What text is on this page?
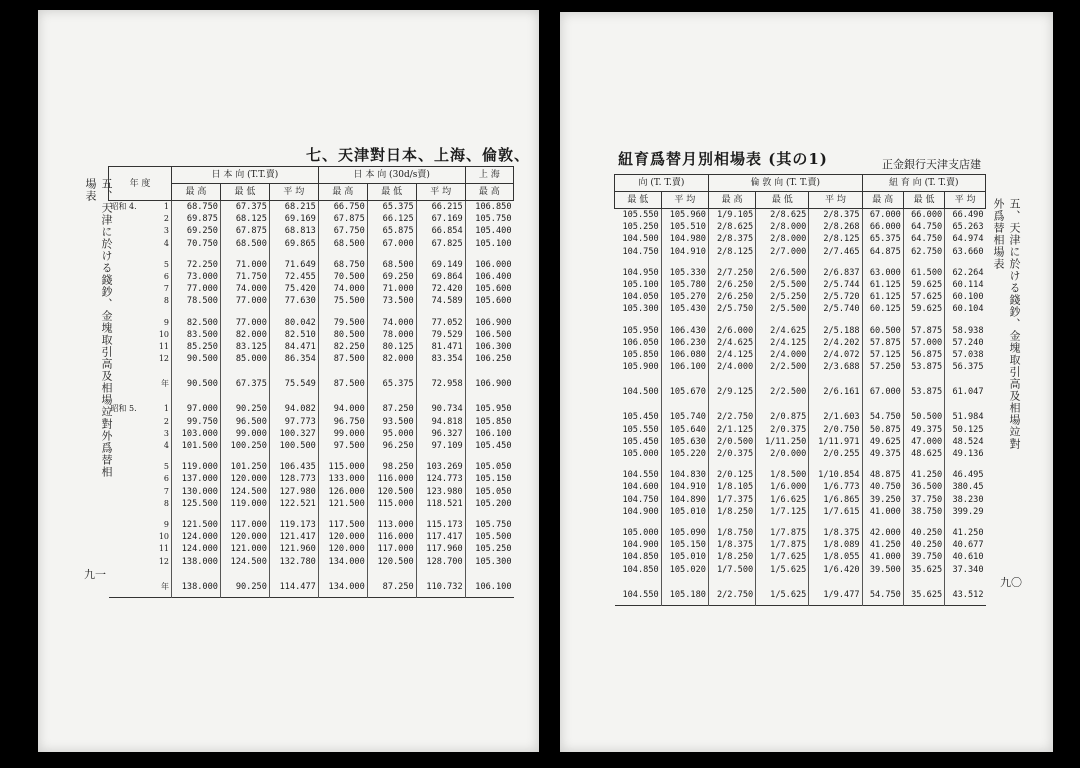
七、天津對日本、上海、倫敦、
五、天津に於ける錢鈔、金塊取引高及相場竝對外爲替相場表
九一
年 度	日 本 向 (T.T.賣)			日 本 向 (30d/s賣)			上 海
	最 高	最 低	平 均	最 高	最 低	平 均	最 高
昭和 4. 1	68.750	67.375	68.215	66.750	65.375	66.215	106.850

2	69.875	68.125	69.169	67.875	66.125	67.169	105.750

3	69.250	67.875	68.813	67.750	65.875	66.854	105.400

4	70.750	68.500	69.865	68.500	67.000	67.825	105.100

5	72.250	71.000	71.649	68.750	68.500	69.149	106.000

6	73.000	71.750	72.455	70.500	69.250	69.864	106.400

7	77.000	74.000	75.420	74.000	71.000	72.420	105.600

8	78.500	77.000	77.630	75.500	73.500	74.589	105.600

9	82.500	77.000	80.042	79.500	74.000	77.052	106.900

10	83.500	82.000	82.510	80.500	78.000	79.529	106.500

11	85.250	83.125	84.471	82.250	80.125	81.471	106.300

12	90.500	85.000	86.354	87.500	82.000	83.354	106.250

年	90.500	67.375	75.549	87.500	65.375	72.958	106.900

昭和 5. 1	97.000	90.250	94.082	94.000	87.250	90.734	105.950

2	99.750	96.500	97.773	96.750	93.500	94.818	105.850

3	103.000	99.000	100.327	99.000	95.000	96.327	106.100

4	101.500	100.250	100.500	97.500	96.250	97.109	105.450

5	119.000	101.250	106.435	115.000	98.250	103.269	105.050

6	137.000	120.000	128.773	133.000	116.000	124.773	105.150

7	130.000	124.500	127.980	126.000	120.500	123.980	105.050

8	125.500	119.000	122.521	121.500	115.000	118.521	105.200

9	121.500	117.000	119.173	117.500	113.000	115.173	105.750

10	124.000	120.000	121.417	120.000	116.000	117.417	105.500

11	124.000	121.000	121.960	120.000	117.000	117.960	105.250

12	138.000	124.500	132.780	134.000	120.500	128.700	105.300

年	138.000	90.250	114.477	134.000	87.250	110.732	106.100
紐育爲替月別相場表 (其の1)	正金銀行天津支店建
五、天津に於ける錢鈔、金塊取引高及相場竝對外爲替相場表
九〇
向 (T. T.賣)		倫 敦 向 (T. T.賣)			紐 育 向 (T. T.賣)		
最 低	平 均	最 高	最 低	平 均	最 高	最 低	平 均
105.550	105.960	1/9.105	2/8.625	2/8.375	67.000	66.000	66.490
105.250	105.510	2/8.625	2/8.000	2/8.268	66.000	64.750	65.263
104.500	104.980	2/8.375	2/8.000	2/8.125	65.375	64.750	64.974
104.750	104.910	2/8.125	2/7.000	2/7.465	64.875	62.750	63.660

104.950	105.330	2/7.250	2/6.500	2/6.837	63.000	61.500	62.264
105.100	105.780	2/6.250	2/5.500	2/5.744	61.125	59.625	60.114
104.050	105.270	2/6.250	2/5.250	2/5.720	61.125	57.625	60.100
105.300	105.430	2/5.750	2/5.500	2/5.740	60.125	59.625	60.104

105.950	106.430	2/6.000	2/4.625	2/5.188	60.500	57.875	58.938
106.050	106.230	2/4.625	2/4.125	2/4.202	57.875	57.000	57.240
105.850	106.080	2/4.125	2/4.000	2/4.072	57.125	56.875	57.038
105.900	106.100	2/4.000	2/2.500	2/3.688	57.250	53.875	56.375

104.500	105.670	2/9.125	2/2.500	2/6.161	67.000	53.875	61.047

105.450	105.740	2/2.750	2/0.875	2/1.603	54.750	50.500	51.984
105.550	105.640	2/1.125	2/0.375	2/0.750	50.875	49.375	50.125
105.450	105.630	2/0.500	1/11.250	1/11.971	49.625	47.000	48.524
105.000	105.220	2/0.375	2/0.000	2/0.255	49.375	48.625	49.136

104.550	104.830	2/0.125	1/8.500	1/10.854	48.875	41.250	46.495
104.600	104.910	1/8.105	1/6.000	1/6.773	40.750	36.500	380.45
104.750	104.890	1/7.375	1/6.625	1/6.865	39.250	37.750	38.230
104.900	105.010	1/8.250	1/7.125	1/7.615	41.000	38.750	399.29

105.000	105.090	1/8.750	1/7.875	1/8.375	42.000	40.250	41.250
104.900	105.150	1/8.375	1/7.875	1/8.089	41.250	40.250	40.677
104.850	105.010	1/8.250	1/7.625	1/8.055	41.000	39.750	40.610
104.850	105.020	1/7.500	1/5.625	1/6.420	39.500	35.625	37.340

104.550	105.180	2/2.750	1/5.625	1/9.477	54.750	35.625	43.512
